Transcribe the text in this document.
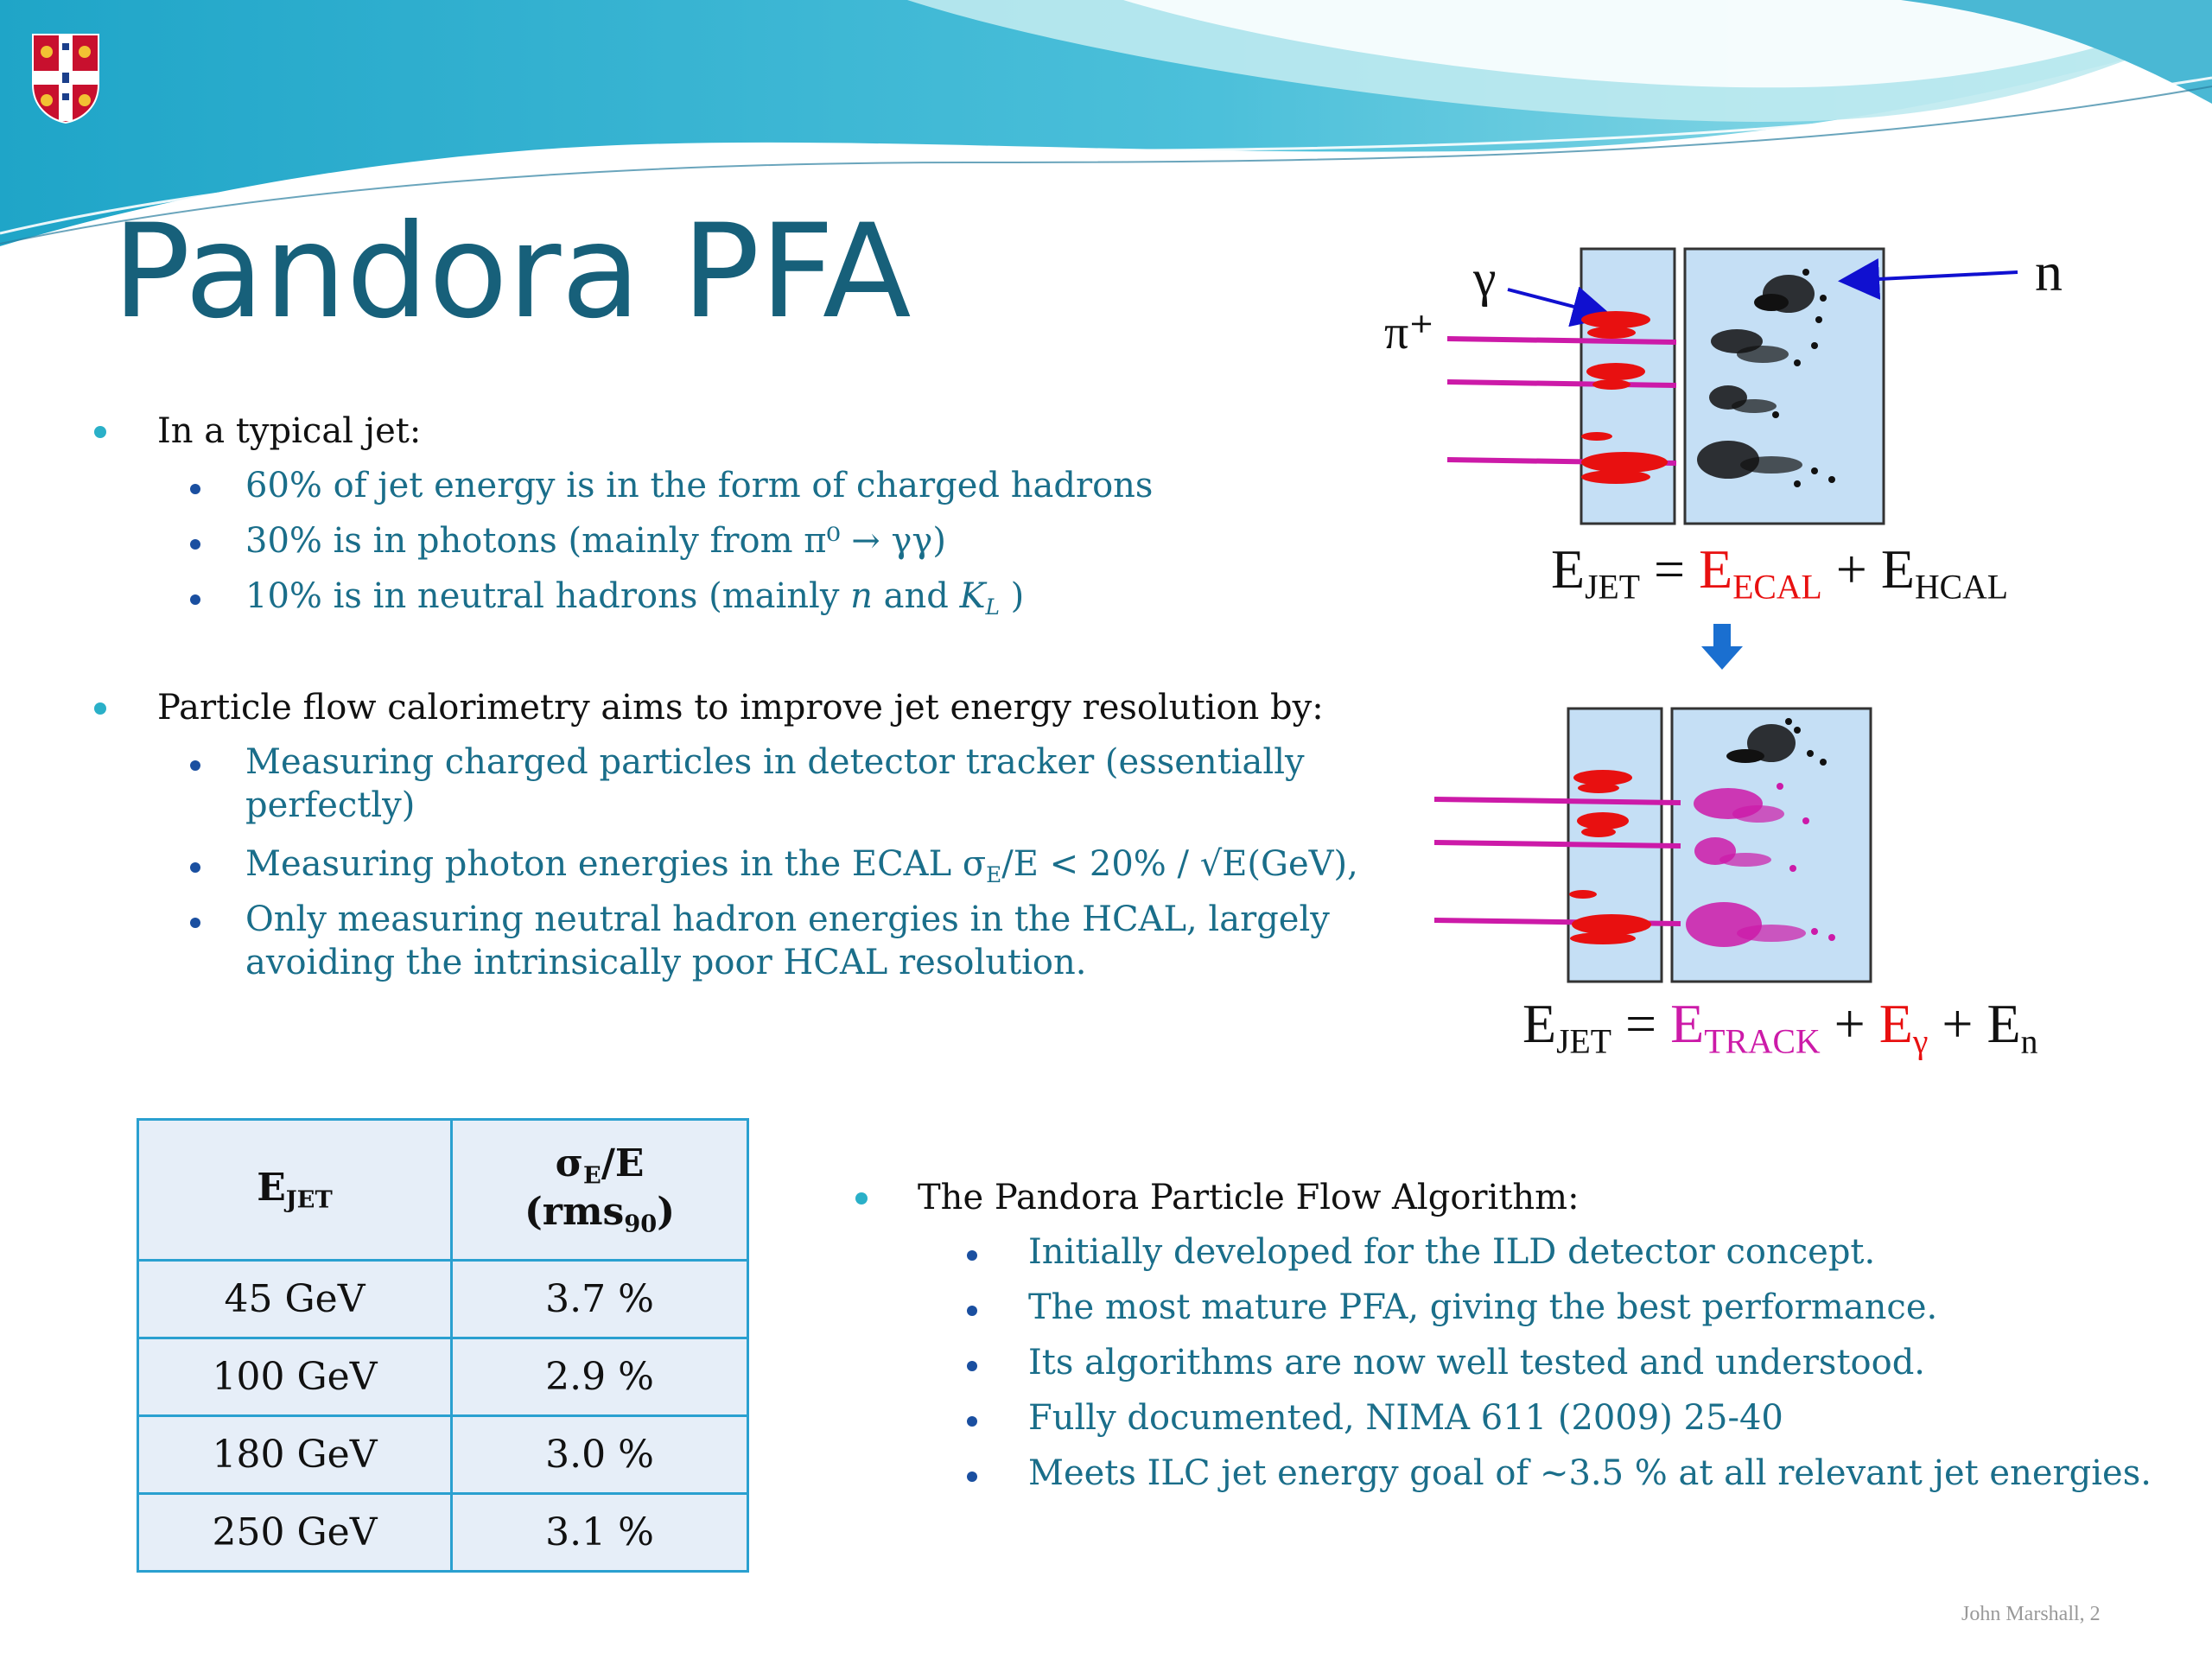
Pandora PFA
In a typical jet:
60% of jet energy is in the form of charged hadrons
30% is in photons (mainly from π⁰ → γγ)
10% is in neutral hadrons (mainly n and $K_L$ )
Particle flow calorimetry aims to improve jet energy resolution by:
Measuring charged particles in detector tracker (essentially
perfectly)
Measuring photon energies in the ECAL $\sigma_E/E < 20\% / √E(GeV)$,
Only measuring neutral hadron energies in the HCAL, largely
avoiding the intrinsically poor HCAL resolution.
The Pandora Particle Flow Algorithm:
Initially developed for the ILD detector concept.
The most mature PFA, giving the best performance.
Its algorithms are now well tested and understood.
Fully documented, NIMA 611 (2009) 25-40
Meets ILC jet energy goal of ~3.5 % at all relevant jet energies.
$E_{JET}$	$\sigma_E/E$
(rms$_{90}$)

45 GeV	3.7 %
100 GeV	2.9 %
180 GeV	3.0 %
250 GeV	3.1 %
γ
π⁺
n
$E_{JET} = E_{ECAL} + E_{HCAL}$
$E_{JET} = E_{TRACK} + E_\gamma + E_n$
John Marshall, 2
